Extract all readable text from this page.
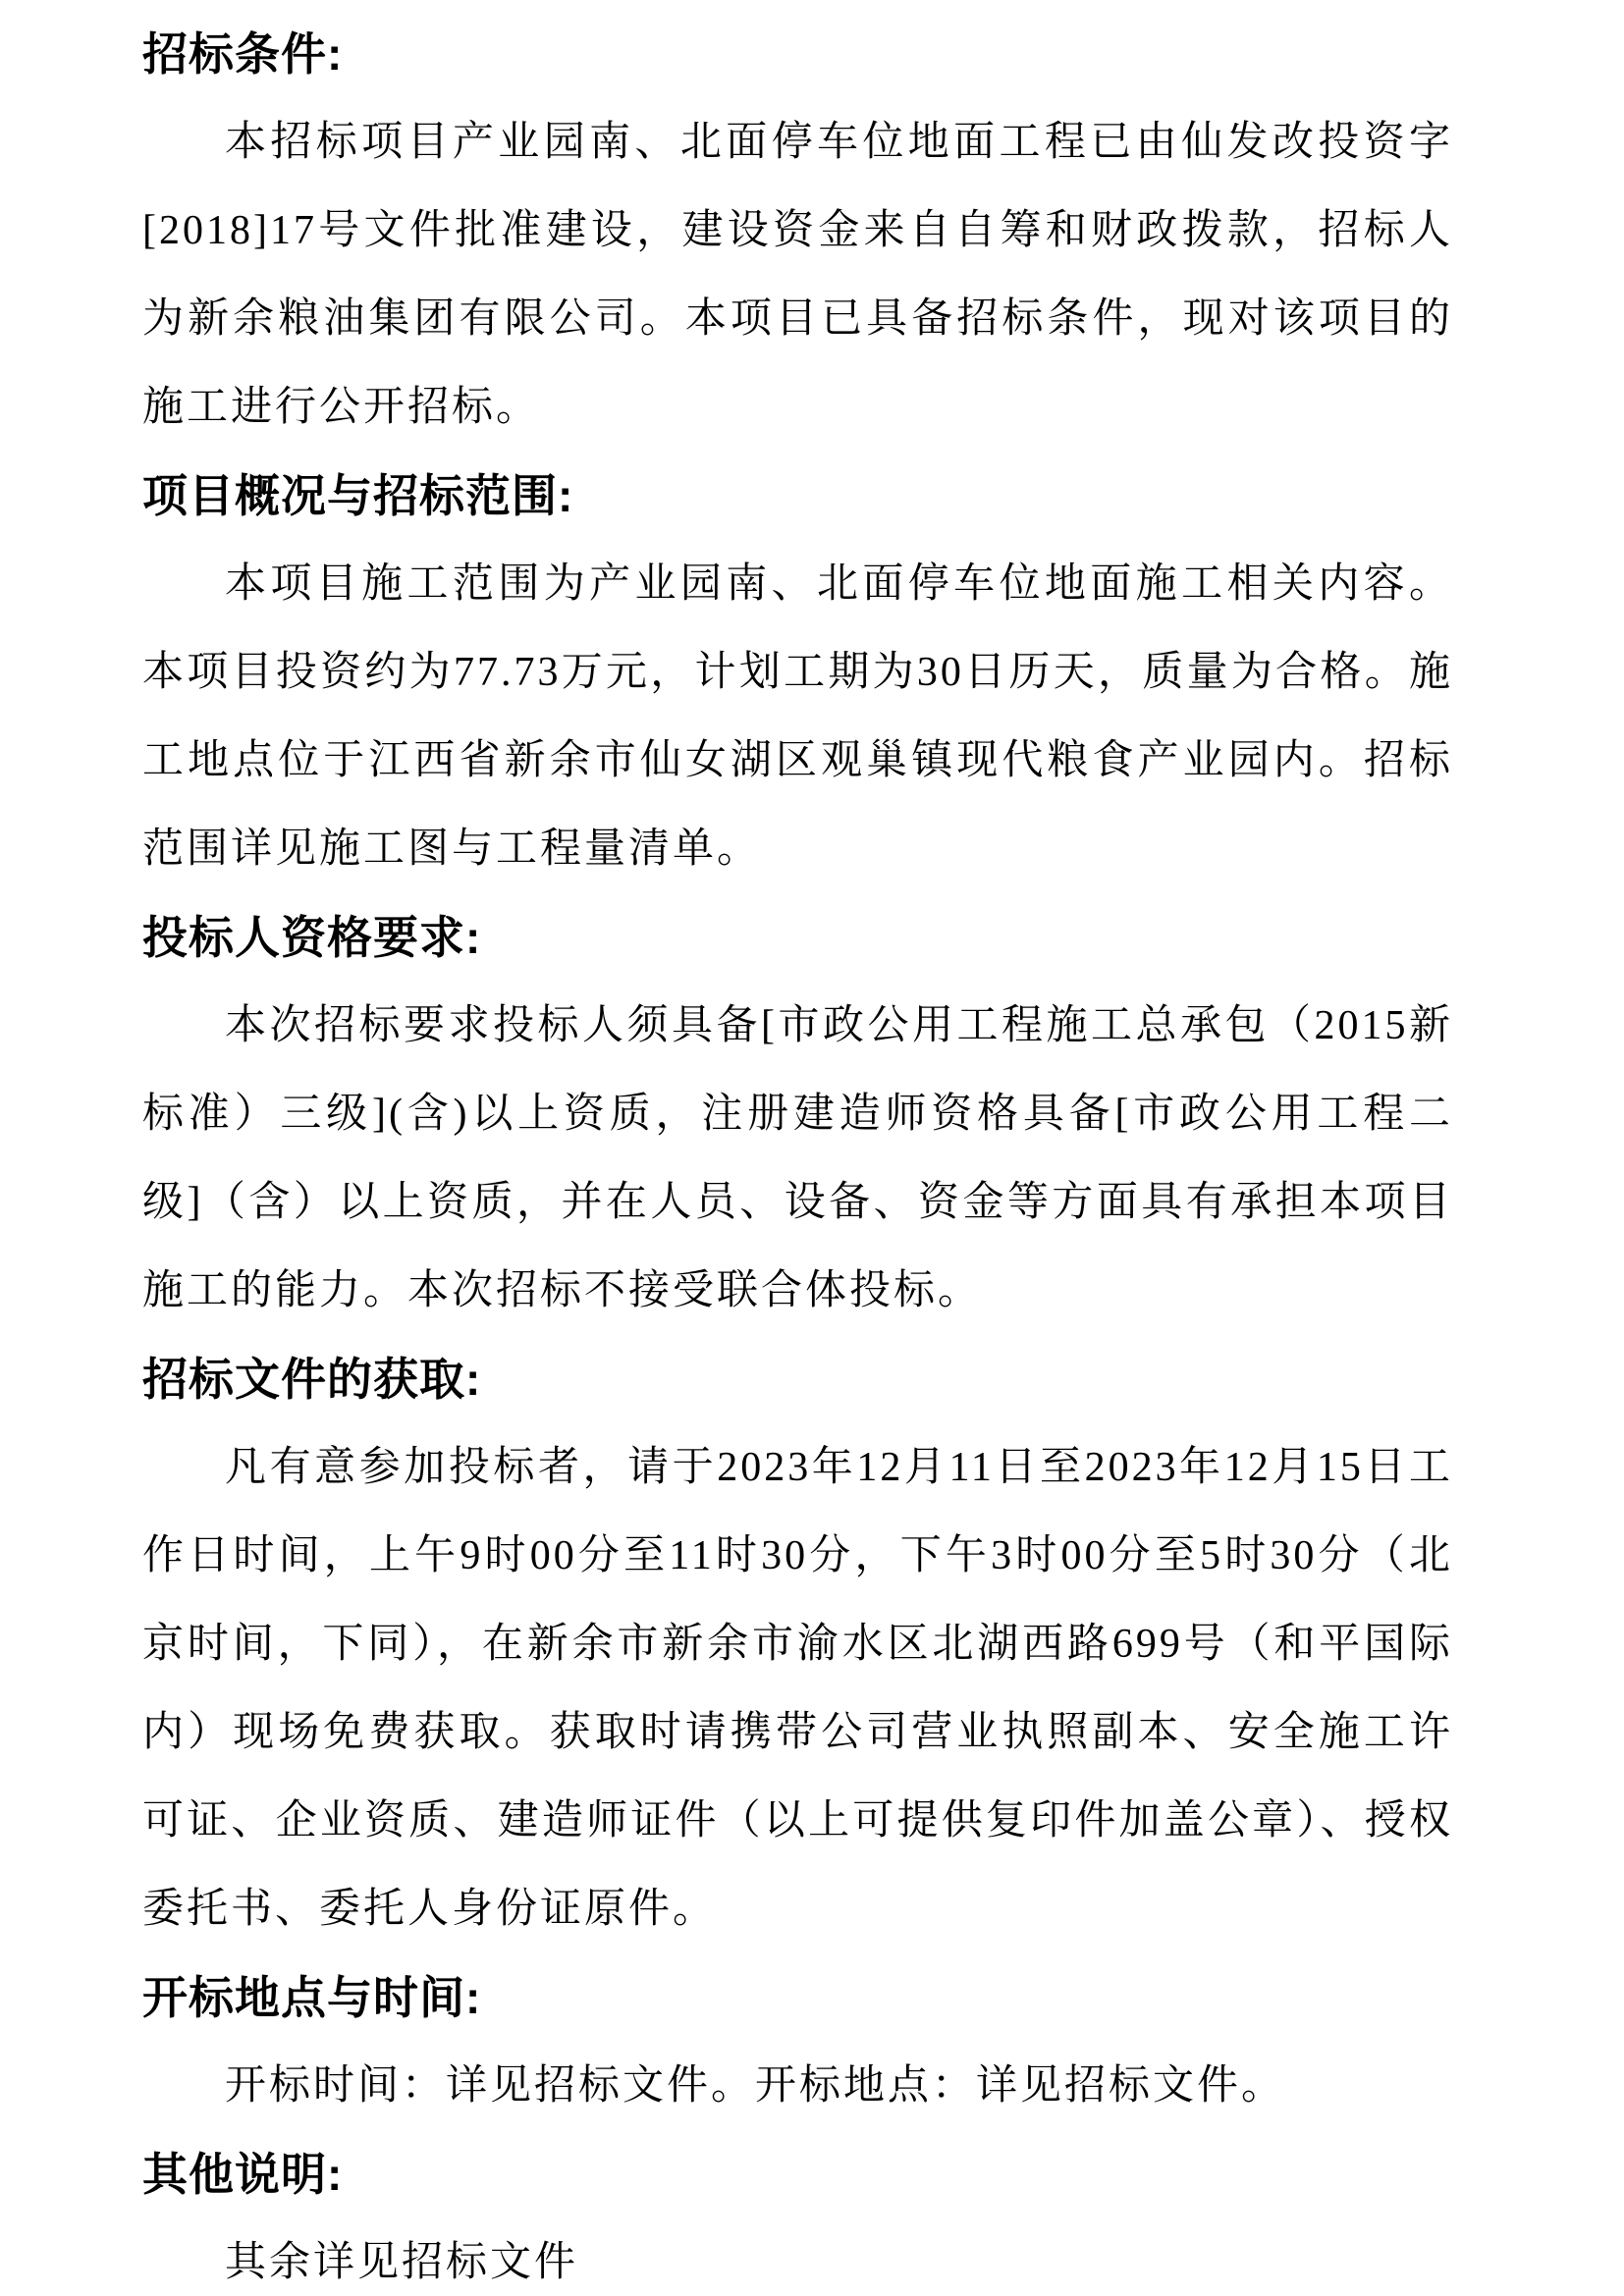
招标条件:

本招标项目产业园南、北面停车位地面工程已由仙发改投资字[2018]17号文件批准建设，建设资金来自自筹和财政拨款，招标人为新余粮油集团有限公司。本项目已具备招标条件，现对该项目的施工进行公开招标。

项目概况与招标范围:

本项目施工范围为产业园南、北面停车位地面施工相关内容。本项目投资约为77.73万元，计划工期为30日历天，质量为合格。施工地点位于江西省新余市仙女湖区观巢镇现代粮食产业园内。招标范围详见施工图与工程量清单。

投标人资格要求:

本次招标要求投标人须具备[市政公用工程施工总承包（2015新标准）三级](含)以上资质，注册建造师资格具备[市政公用工程二级]（含）以上资质，并在人员、设备、资金等方面具有承担本项目施工的能力。本次招标不接受联合体投标。

招标文件的获取:

凡有意参加投标者，请于2023年12月11日至2023年12月15日工作日时间，上午9时00分至11时30分，下午3时00分至5时30分（北京时间，下同），在新余市新余市渝水区北湖西路699号（和平国际内）现场免费获取。获取时请携带公司营业执照副本、安全施工许可证、企业资质、建造师证件（以上可提供复印件加盖公章）、授权委托书、委托人身份证原件。

开标地点与时间:

开标时间：详见招标文件。开标地点：详见招标文件。

其他说明:

其余详见招标文件
